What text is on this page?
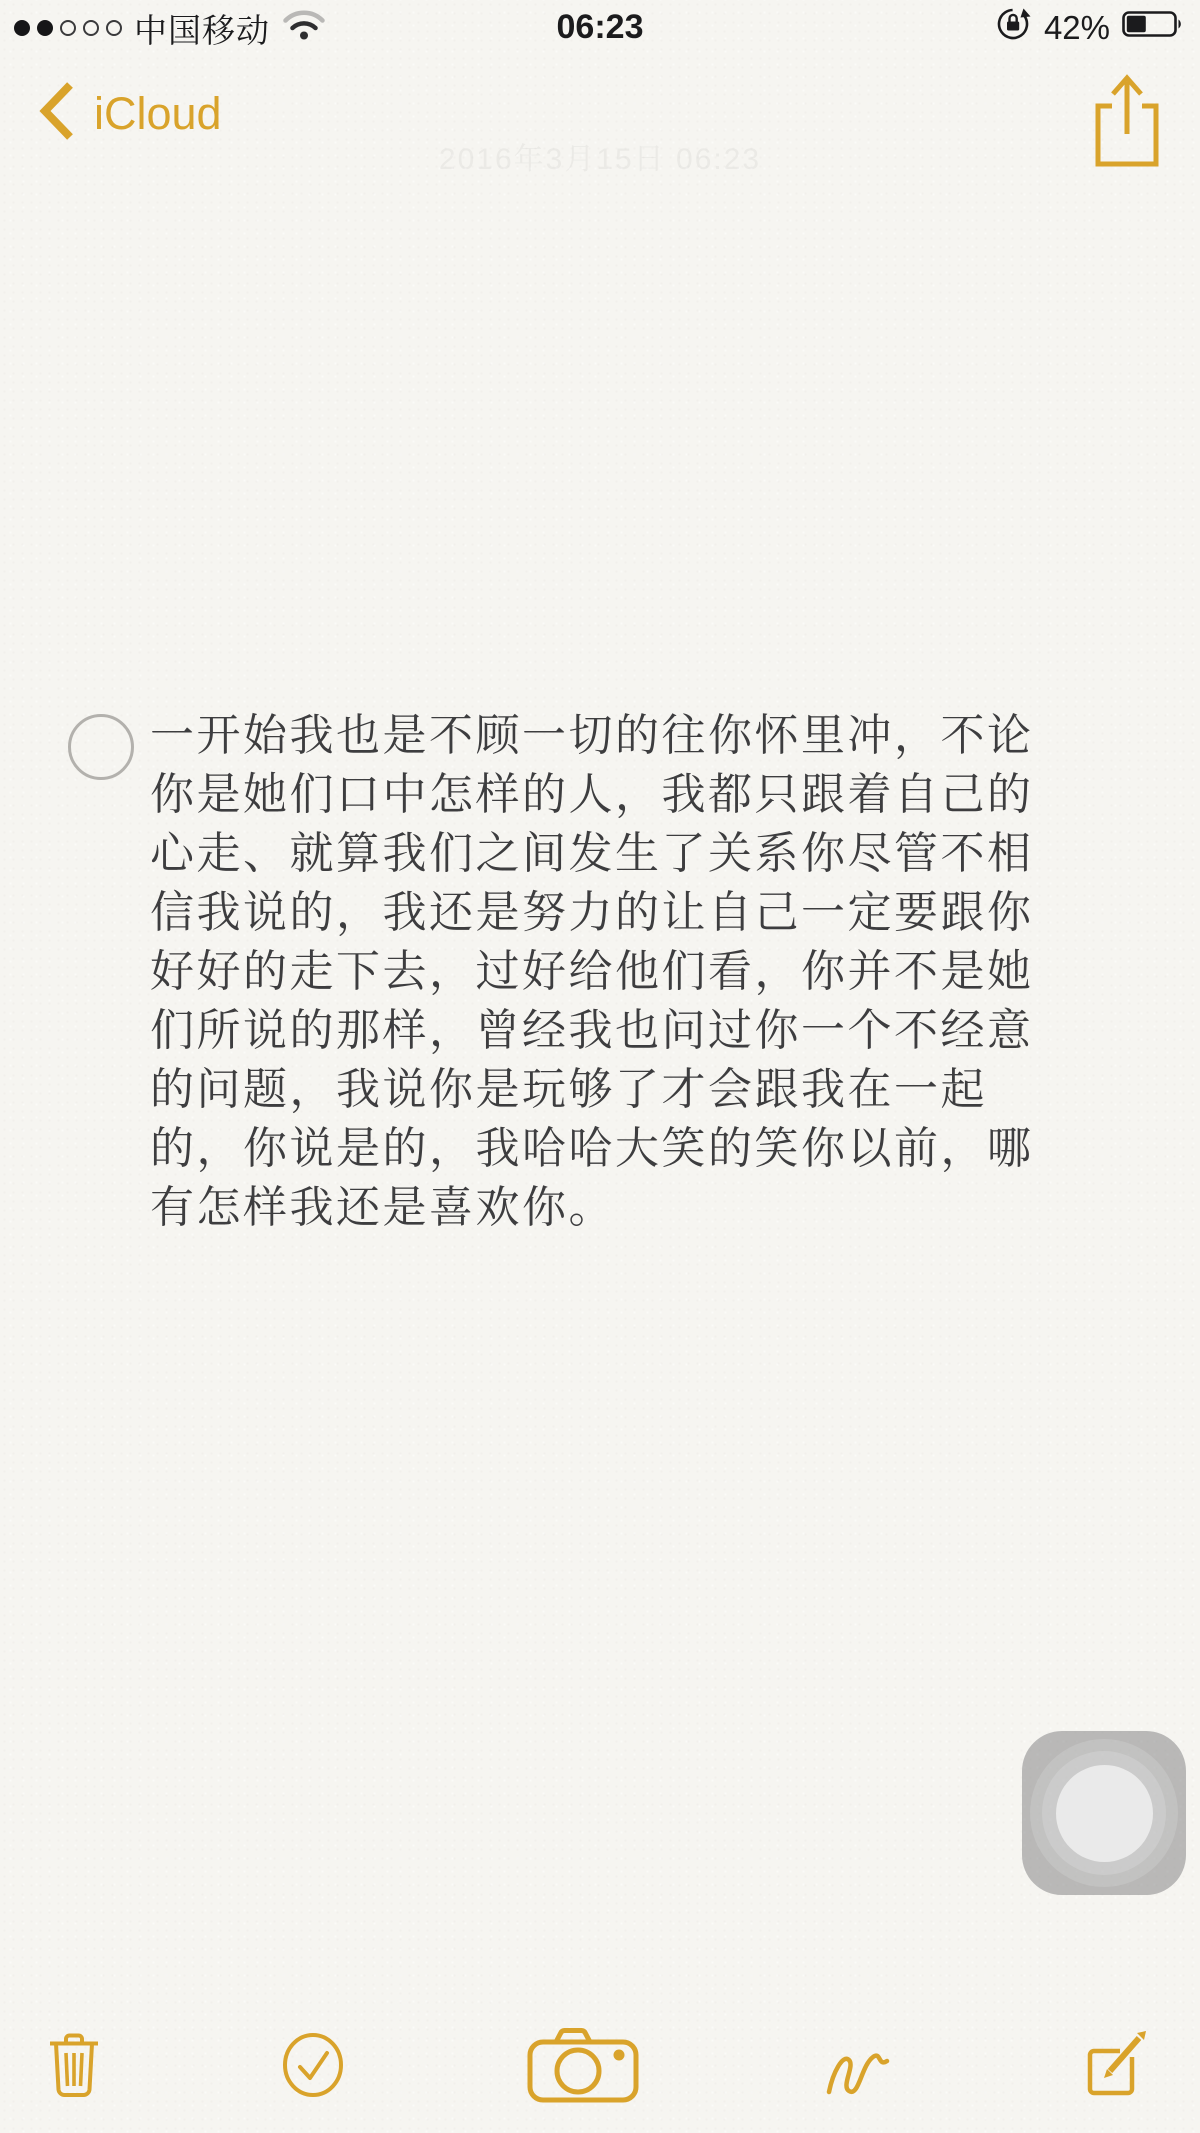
中国移动	06:23	42%
iCloud
2016年3月15日 06:23
一开始我也是不顾一切的往你怀里冲，不论
你是她们口中怎样的人，我都只跟着自己的
心走、就算我们之间发生了关系你尽管不相
信我说的，我还是努力的让自己一定要跟你
好好的走下去，过好给他们看，你并不是她
们所说的那样，曾经我也问过你一个不经意
的问题，我说你是玩够了才会跟我在一起
的，你说是的，我哈哈大笑的笑你以前，哪
有怎样我还是喜欢你。
